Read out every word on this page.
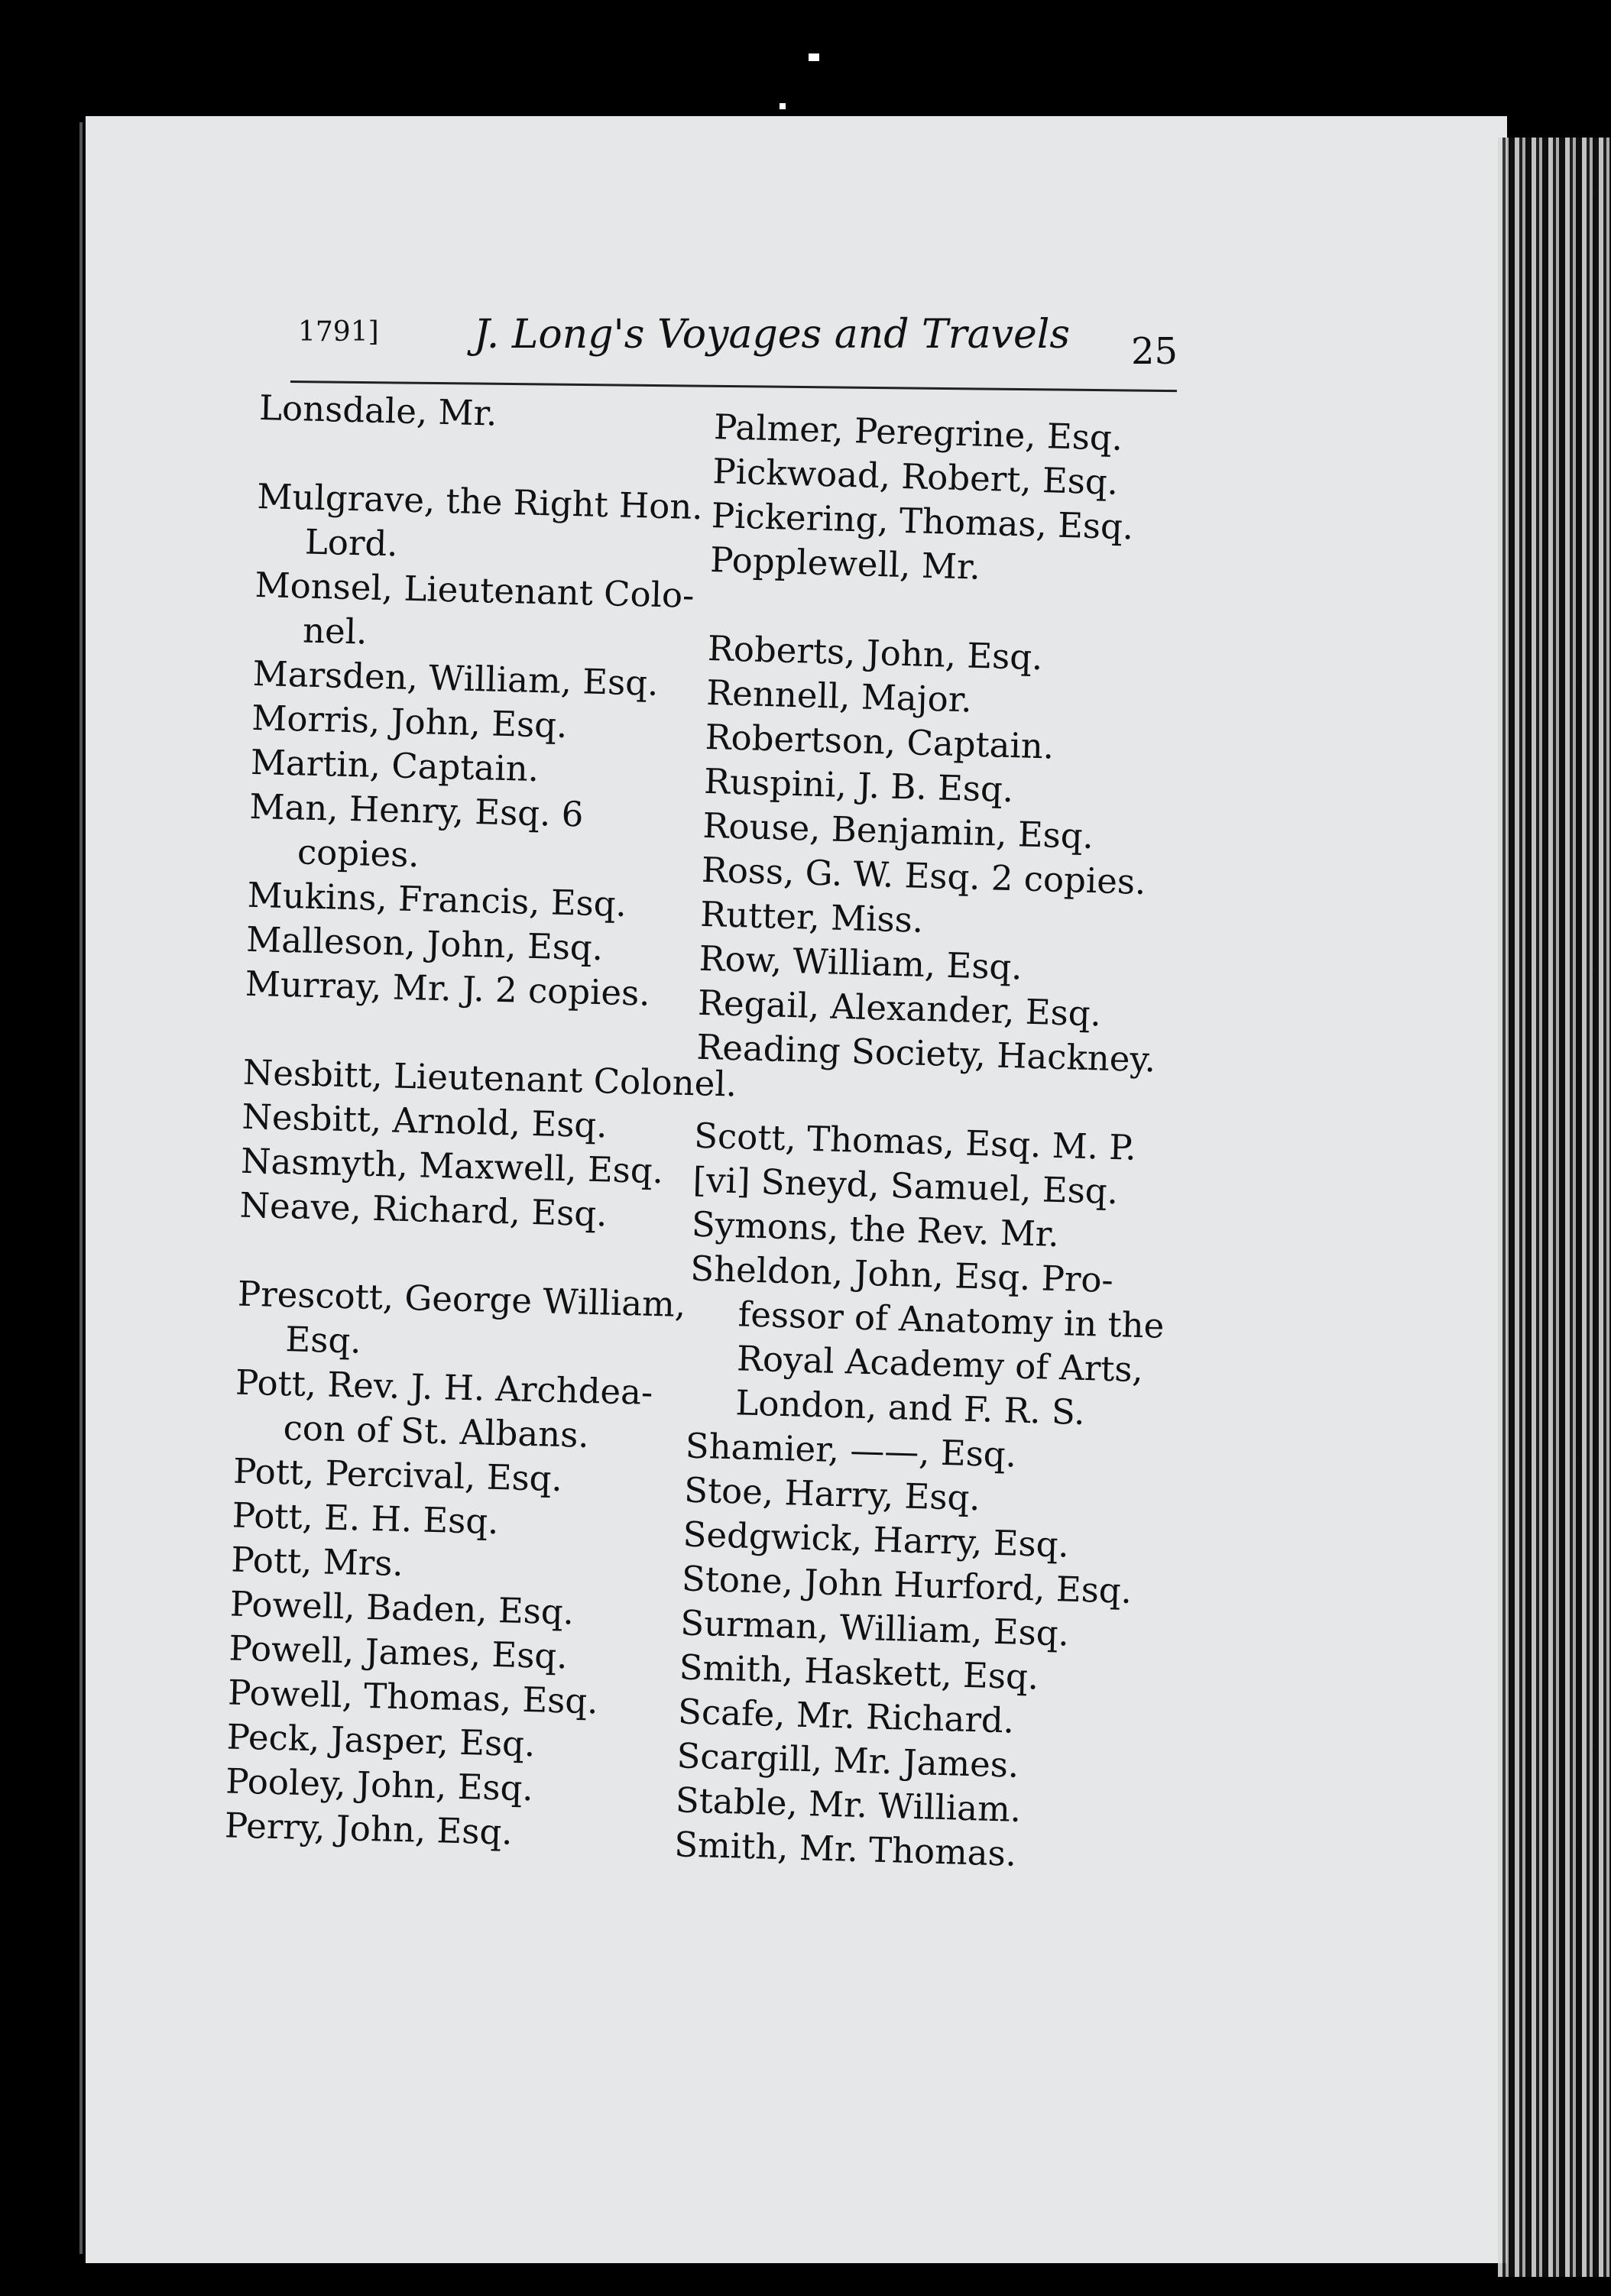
1791] J. Long's Voyages and Travels 25
Lonsdale, Mr.
Mulgrave, the Right Hon.
Lord.
Monsel, Lieutenant Colo-
nel.
Marsden, William, Esq.
Morris, John, Esq.
Martin, Captain.
Man, Henry, Esq. 6
copies.
Mukins, Francis, Esq.
Malleson, John, Esq.
Murray, Mr. J. 2 copies.
Nesbitt, Lieutenant Colonel.
Nesbitt, Arnold, Esq.
Nasmyth, Maxwell, Esq.
Neave, Richard, Esq.
Prescott, George William,
Esq.
Pott, Rev. J. H. Archdea-
con of St. Albans.
Pott, Percival, Esq.
Pott, E. H. Esq.
Pott, Mrs.
Powell, Baden, Esq.
Powell, James, Esq.
Powell, Thomas, Esq.
Peck, Jasper, Esq.
Pooley, John, Esq.
Perry, John, Esq.
Palmer, Peregrine, Esq.
Pickwoad, Robert, Esq.
Pickering, Thomas, Esq.
Popplewell, Mr.
Roberts, John, Esq.
Rennell, Major.
Robertson, Captain.
Ruspini, J. B. Esq.
Rouse, Benjamin, Esq.
Ross, G. W. Esq. 2 copies.
Rutter, Miss.
Row, William, Esq.
Regail, Alexander, Esq.
Reading Society, Hackney.
Scott, Thomas, Esq. M. P.
[vi] Sneyd, Samuel, Esq.
Symons, the Rev. Mr.
Sheldon, John, Esq. Pro-
fessor of Anatomy in the
Royal Academy of Arts,
London, and F. R. S.
Shamier, ——, Esq.
Stoe, Harry, Esq.
Sedgwick, Harry, Esq.
Stone, John Hurford, Esq.
Surman, William, Esq.
Smith, Haskett, Esq.
Scafe, Mr. Richard.
Scargill, Mr. James.
Stable, Mr. William.
Smith, Mr. Thomas.
